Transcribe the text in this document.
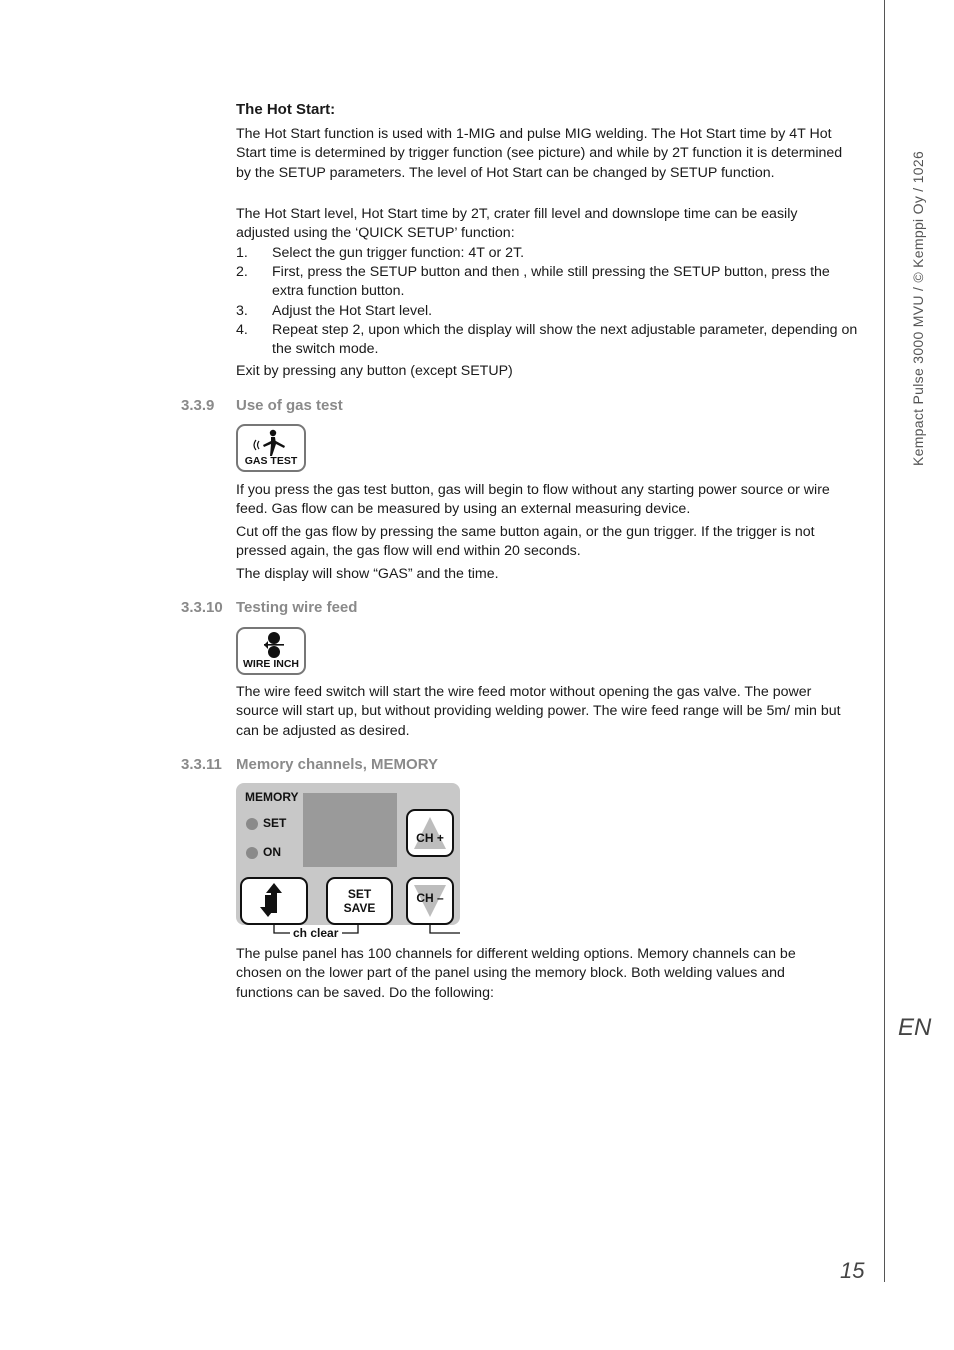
Kempact Pulse 3000 MVU / © Kemppi Oy / 1026
EN
15
The Hot Start:
The Hot Start function is used with 1-MIG and pulse MIG welding. The Hot Start time by 4T Hot Start time is determined by trigger function (see picture) and while by 2T function it is determined by the SETUP parameters. The level of Hot Start can be changed by SETUP function.
The Hot Start level, Hot Start time by 2T, crater fill level and downslope time can be easily adjusted using the ‘QUICK SETUP’ function:
1. Select the gun trigger function: 4T or 2T.
2. First, press the SETUP button and then , while still pressing the SETUP button, press the extra function button.
3. Adjust the Hot Start level.
4. Repeat step 2, upon which the display will show the next adjustable parameter, depending on the switch mode.
Exit by pressing any button (except SETUP)
3.3.9 Use of gas test
GAS TEST
If you press the gas test button, gas will begin to flow without any starting power source or wire feed. Gas flow can be measured by using an external measuring device.
Cut off the gas flow by pressing the same button again, or the gun trigger. If the trigger is not pressed again, the gas flow will end within 20 seconds.
The display will show “GAS” and the time.
3.3.10 Testing wire feed
WIRE INCH
The wire feed switch will start the wire feed motor without opening the gas valve. The power source will start up, but without providing welding power. The wire feed range will be 5m/ min but can be adjusted as desired.
3.3.11 Memory channels, MEMORY
MEMORY
SET
ON
CH +
CH –
SET
SAVE
ch clear
The pulse panel has 100 channels for different welding options. Memory channels can be chosen on the lower part of the panel using the memory block. Both welding values and functions can be saved. Do the following:
